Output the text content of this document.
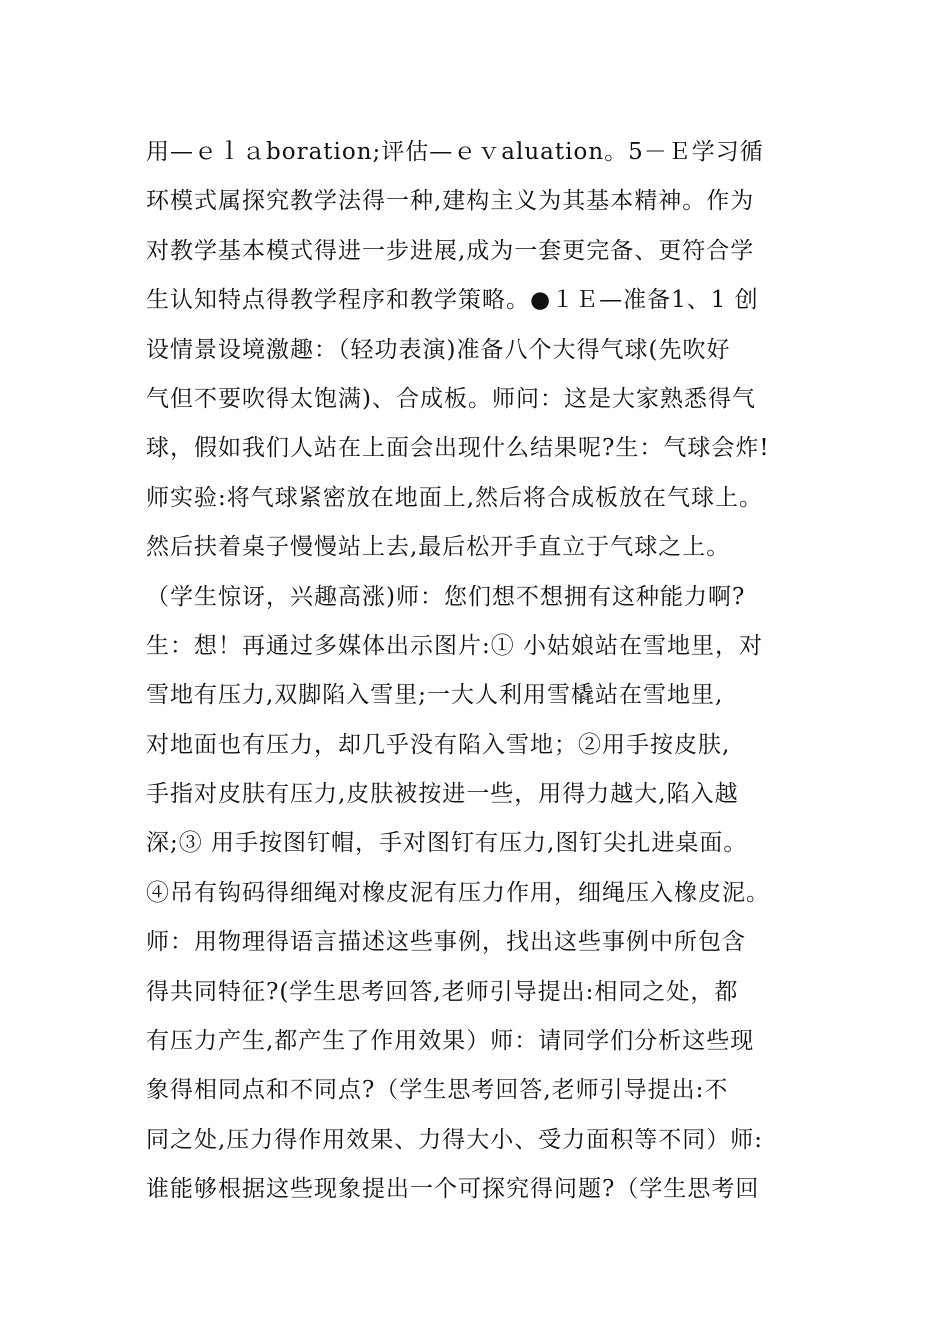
用—ｅｌａboration;评估—ｅｖaluation。5－Ｅ学习循
环模式属探究教学法得一种,建构主义为其基本精神。作为
对教学基本模式得进一步进展,成为一套更完备、更符合学
生认知特点得教学程序和教学策略。●１Ｅ—准备1、1 创
设情景设境激趣：（轻功表演)准备八个大得气球(先吹好
气但不要吹得太饱满)、合成板。师问：这是大家熟悉得气
球，假如我们人站在上面会出现什么结果呢?生：气球会炸!
师实验:将气球紧密放在地面上,然后将合成板放在气球上。
然后扶着桌子慢慢站上去,最后松开手直立于气球之上。
（学生惊讶，兴趣高涨)师：您们想不想拥有这种能力啊?
生：想！再通过多媒体出示图片:① 小姑娘站在雪地里，对
雪地有压力,双脚陷入雪里;一大人利用雪橇站在雪地里,
对地面也有压力，却几乎没有陷入雪地；②用手按皮肤,
手指对皮肤有压力,皮肤被按进一些，用得力越大,陷入越
深;③ 用手按图钉帽，手对图钉有压力,图钉尖扎进桌面。
④吊有钩码得细绳对橡皮泥有压力作用，细绳压入橡皮泥。
师：用物理得语言描述这些事例，找出这些事例中所包含
得共同特征?(学生思考回答,老师引导提出:相同之处，都
有压力产生,都产生了作用效果）师：请同学们分析这些现
象得相同点和不同点?（学生思考回答,老师引导提出:不
同之处,压力得作用效果、力得大小、受力面积等不同）师:
谁能够根据这些现象提出一个可探究得问题?（学生思考回
